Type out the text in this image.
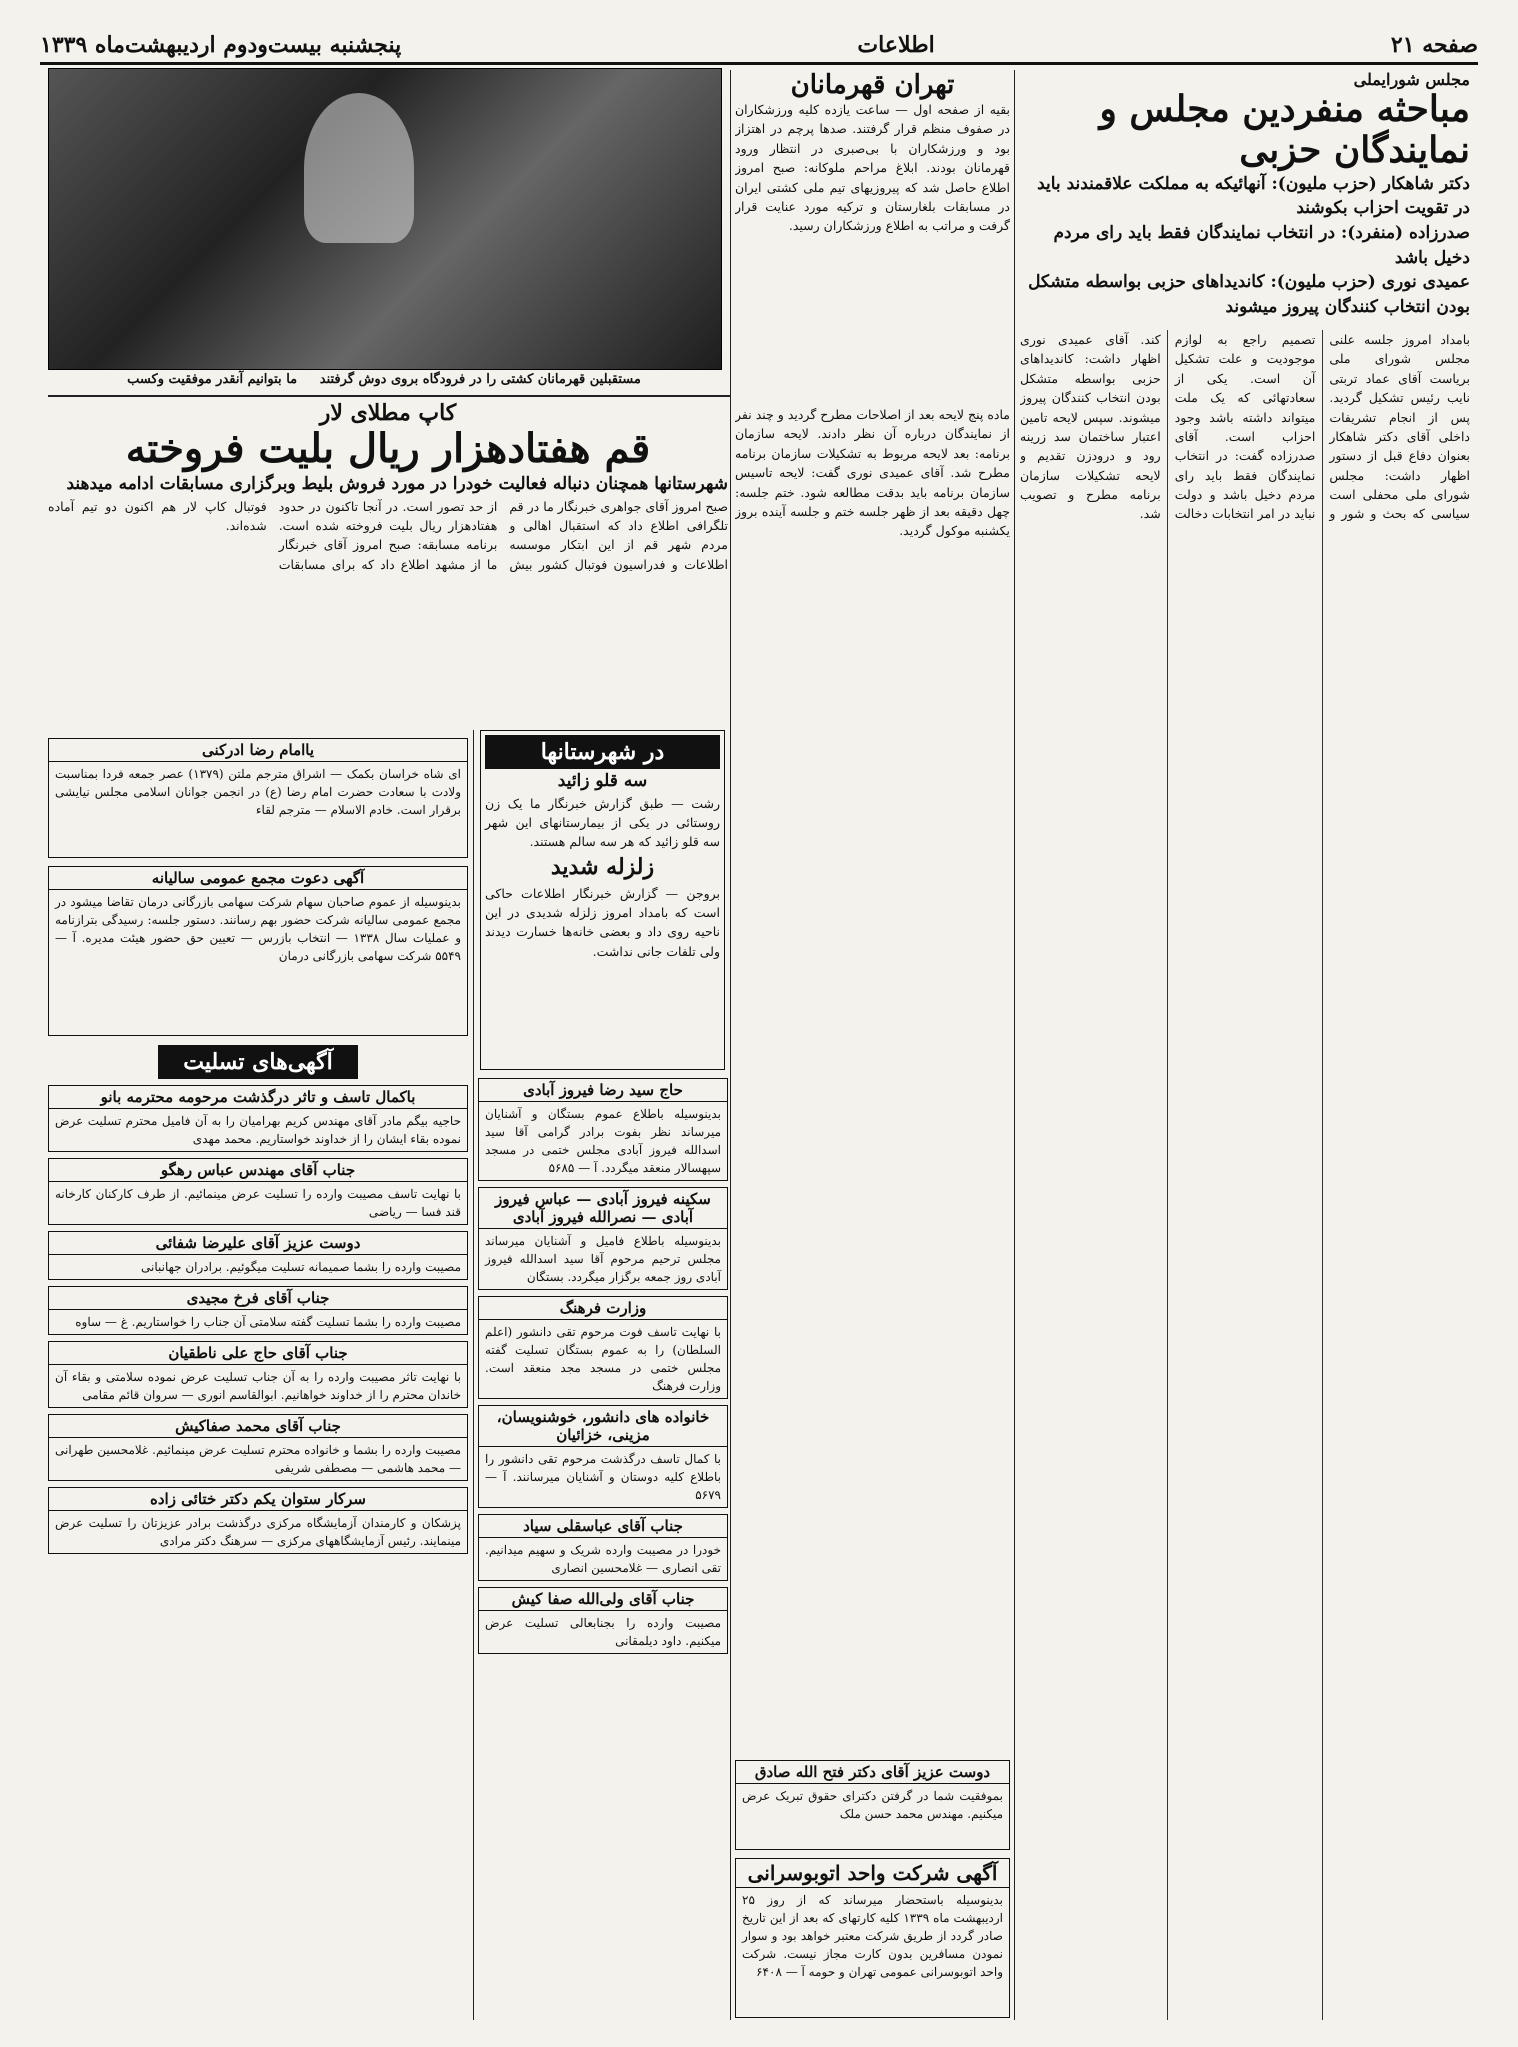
صفحه ۲۱
اطلاعات
پنجشنبه بیست‌ودوم اردیبهشت‌ماه ۱۳۳۹
مجلس شورایملی
مباحثه منفردین مجلس و نمایندگان حزبی
دکتر شاهکار (حزب ملیون): آنهائیکه به مملکت علاقمندند باید در تقویت احزاب بکوشند
صدرزاده (منفرد): در انتخاب نمایندگان فقط باید رای مردم دخیل باشد
عمیدی نوری (حزب ملیون): کاندیداهای حزبی بواسطه متشکل بودن انتخاب کنندگان پیروز میشوند
بامداد امروز جلسه علنی مجلس شورای ملی بریاست آقای عماد تربتی نایب رئیس تشکیل گردید. پس از انجام تشریفات داخلی آقای دکتر شاهکار بعنوان دفاع قبل از دستور اظهار داشت: مجلس شورای ملی محفلی است سیاسی که بحث و شور و تصمیم راجع به لوازم موجودیت و علت تشکیل آن است. یکی از سعادتهائی که یک ملت میتواند داشته باشد وجود احزاب است. آقای صدرزاده گفت: در انتخاب نمایندگان فقط باید رای مردم دخیل باشد و دولت نباید در امر انتخابات دخالت کند. آقای عمیدی نوری اظهار داشت: کاندیداهای حزبی بواسطه متشکل بودن انتخاب کنندگان پیروز میشوند. سپس لایحه تامین اعتبار ساختمان سد زرینه رود و درودزن تقدیم و لایحه تشکیلات سازمان برنامه مطرح و تصویب شد.
تهران قهرمانان
بقیه از صفحه اول — ساعت یازده کلیه ورزشکاران در صفوف منظم قرار گرفتند. صدها پرچم در اهتزاز بود و ورزشکاران با بی‌صبری در انتظار ورود قهرمانان بودند. ابلاغ مراحم ملوکانه: صبح امروز اطلاع حاصل شد که پیروزیهای تیم ملی کشتی ایران در مسابقات بلغارستان و ترکیه مورد عنایت قرار گرفت و مراتب به اطلاع ورزشکاران رسید.
ماده پنج لایحه بعد از اصلاحات مطرح گردید و چند نفر از نمایندگان درباره آن نظر دادند. لایحه سازمان برنامه: بعد لایحه مربوط به تشکیلات سازمان برنامه مطرح شد. آقای عمیدی نوری گفت: لایحه تاسیس سازمان برنامه باید بدقت مطالعه شود. ختم جلسه: چهل دقیقه بعد از ظهر جلسه ختم و جلسه آینده بروز یکشنبه موکول گردید.
مستقبلین قهرمانان کشتی را در فرودگاه بروی دوش گرفتند     ما بتوانیم آنقدر موفقیت وکسب
کاپ مطلای لار
قم هفتادهزار ریال بلیت فروخته
شهرستانها همچنان دنباله فعالیت خودرا در مورد فروش بلیط وبرگزاری مسابقات ادامه میدهند
صبح امروز آقای جواهری خبرنگار ما در قم تلگرافی اطلاع داد که استقبال اهالی و مردم شهر قم از این ابتکار موسسه اطلاعات و فدراسیون فوتبال کشور بیش از حد تصور است. در آنجا تاکنون در حدود هفتادهزار ریال بلیت فروخته شده است. برنامه مسابقه: صبح امروز آقای خبرنگار ما از مشهد اطلاع داد که برای مسابقات فوتبال کاپ لار هم اکنون دو تیم آماده شده‌اند.
در شهرستانها
سه قلو زائید
رشت — طبق گزارش خبرنگار ما یک زن روستائی در یکی از بیمارستانهای این شهر سه قلو زائید که هر سه سالم هستند.
زلزله شدید
بروجن — گزارش خبرنگار اطلاعات حاکی است که بامداد امروز زلزله شدیدی در این ناحیه روی داد و بعضی خانه‌ها خسارت دیدند ولی تلفات جانی نداشت.
یاامام رضا ادرکنی
ای شاه خراسان بکمک — اشراق مترجم ملتن (۱۳۷۹) عصر جمعه فردا بمناسبت ولادت با سعادت حضرت امام رضا (ع) در انجمن جوانان اسلامی مجلس نیایشی برقرار است. خادم الاسلام — مترجم لقاء
آگهی دعوت مجمع عمومی سالیانه
بدینوسیله از عموم صاحبان سهام شرکت سهامی بازرگانی درمان تقاضا میشود در مجمع عمومی سالیانه شرکت حضور بهم رسانند. دستور جلسه: رسیدگی بترازنامه و عملیات سال ۱۳۳۸ — انتخاب بازرس — تعیین حق حضور هیئت مدیره. آ — ۵۵۴۹ شرکت سهامی بازرگانی درمان
آگهی‌های تسلیت
باکمال تاسف و تاثر درگذشت مرحومه محترمه بانو
حاجیه بیگم مادر آقای مهندس کریم بهرامیان را به آن فامیل محترم تسلیت عرض نموده بقاء ایشان را از خداوند خواستاریم. محمد مهدی
جناب آقای مهندس عباس رهگو
با نهایت تاسف مصیبت وارده را تسلیت عرض مینمائیم. از طرف کارکنان کارخانه قند فسا — ریاضی
دوست عزیز آقای علیرضا شفائی
مصیبت وارده را بشما صمیمانه تسلیت میگوئیم. برادران جهانبانی
جناب آقای فرخ مجیدی
مصیبت وارده را بشما تسلیت گفته سلامتی آن جناب را خواستاریم. غ — ساوه
جناب آقای حاج علی ناطقیان
با نهایت تاثر مصیبت وارده را به آن جناب تسلیت عرض نموده سلامتی و بقاء آن خاندان محترم را از خداوند خواهانیم. ابوالقاسم انوری — سروان قائم مقامی
جناب آقای محمد صفاکیش
مصیبت وارده را بشما و خانواده محترم تسلیت عرض مینمائیم. غلامحسین طهرانی — محمد هاشمی — مصطفی شریفی
سرکار ستوان یکم دکتر ختائی زاده
پزشکان و کارمندان آزمایشگاه مرکزی درگذشت برادر عزیزتان را تسلیت عرض مینمایند. رئیس آزمایشگاههای مرکزی — سرهنگ دکتر مرادی
حاج سید رضا فیروز آبادی
بدینوسیله باطلاع عموم بستگان و آشنایان میرساند نظر بفوت برادر گرامی آقا سید اسدالله فیروز آبادی مجلس ختمی در مسجد سپهسالار منعقد میگردد. آ — ۵۶۸۵
سکینه فیروز آبادی — عباس فیروز آبادی — نصرالله فیروز آبادی
بدینوسیله باطلاع فامیل و آشنایان میرساند مجلس ترحیم مرحوم آقا سید اسدالله فیروز آبادی روز جمعه برگزار میگردد. بستگان
وزارت فرهنگ
با نهایت تاسف فوت مرحوم تقی دانشور (اعلم السلطان) را به عموم بستگان تسلیت گفته مجلس ختمی در مسجد مجد منعقد است. وزارت فرهنگ
خانواده های دانشور، خوشنویسان، مزینی، خزائیان
با کمال تاسف درگذشت مرحوم تقی دانشور را باطلاع کلیه دوستان و آشنایان میرسانند. آ — ۵۶۷۹
جناب آقای عباسقلی سیاد
خودرا در مصیبت وارده شریک و سهیم میدانیم. تقی انصاری — غلامحسین انصاری
جناب آقای ولی‌الله صفا کیش
مصیبت وارده را بجنابعالی تسلیت عرض میکنیم. داود دیلمقانی
دوست عزیز آقای دکتر فتح الله صادق
بموفقیت شما در گرفتن دکترای حقوق تبریک عرض میکنیم. مهندس محمد حسن ملک
آگهی شرکت واحد اتوبوسرانی
بدینوسیله باستحضار میرساند که از روز ۲۵ اردیبهشت ماه ۱۳۳۹ کلیه کارتهای که بعد از این تاریخ صادر گردد از طریق شرکت معتبر خواهد بود و سوار نمودن مسافرین بدون کارت مجاز نیست. شرکت واحد اتوبوسرانی عمومی تهران و حومه آ — ۶۴۰۸
